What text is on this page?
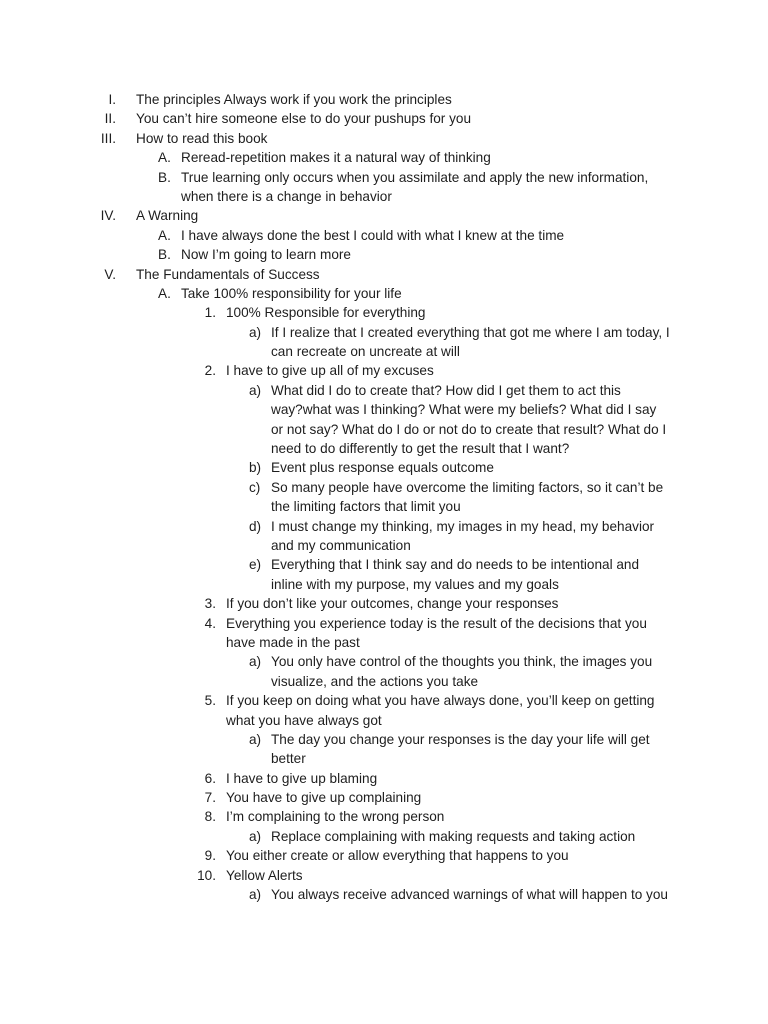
I. The principles Always work if you work the principles
II. You can’t hire someone else to do your pushups for you
III. How to read this book
A. Reread-repetition makes it a natural way of thinking
B. True learning only occurs when you assimilate and apply the new information,
when there is a change in behavior
IV. A Warning
A. I have always done the best I could with what I knew at the time
B. Now I’m going to learn more
V. The Fundamentals of Success
A. Take 100% responsibility for your life
1. 100% Responsible for everything
a) If I realize that I created everything that got me where I am today, I
can recreate on uncreate at will
2. I have to give up all of my excuses
a) What did I do to create that? How did I get them to act this
way?what was I thinking? What were my beliefs? What did I say
or not say? What do I do or not do to create that result? What do I
need to do differently to get the result that I want?
b) Event plus response equals outcome
c) So many people have overcome the limiting factors, so it can’t be
the limiting factors that limit you
d) I must change my thinking, my images in my head, my behavior
and my communication
e) Everything that I think say and do needs to be intentional and
inline with my purpose, my values and my goals
3. If you don’t like your outcomes, change your responses
4. Everything you experience today is the result of the decisions that you
have made in the past
a) You only have control of the thoughts you think, the images you
visualize, and the actions you take
5. If you keep on doing what you have always done, you’ll keep on getting
what you have always got
a) The day you change your responses is the day your life will get
better
6. I have to give up blaming
7. You have to give up complaining
8. I’m complaining to the wrong person
a) Replace complaining with making requests and taking action
9. You either create or allow everything that happens to you
10. Yellow Alerts
a) You always receive advanced warnings of what will happen to you
